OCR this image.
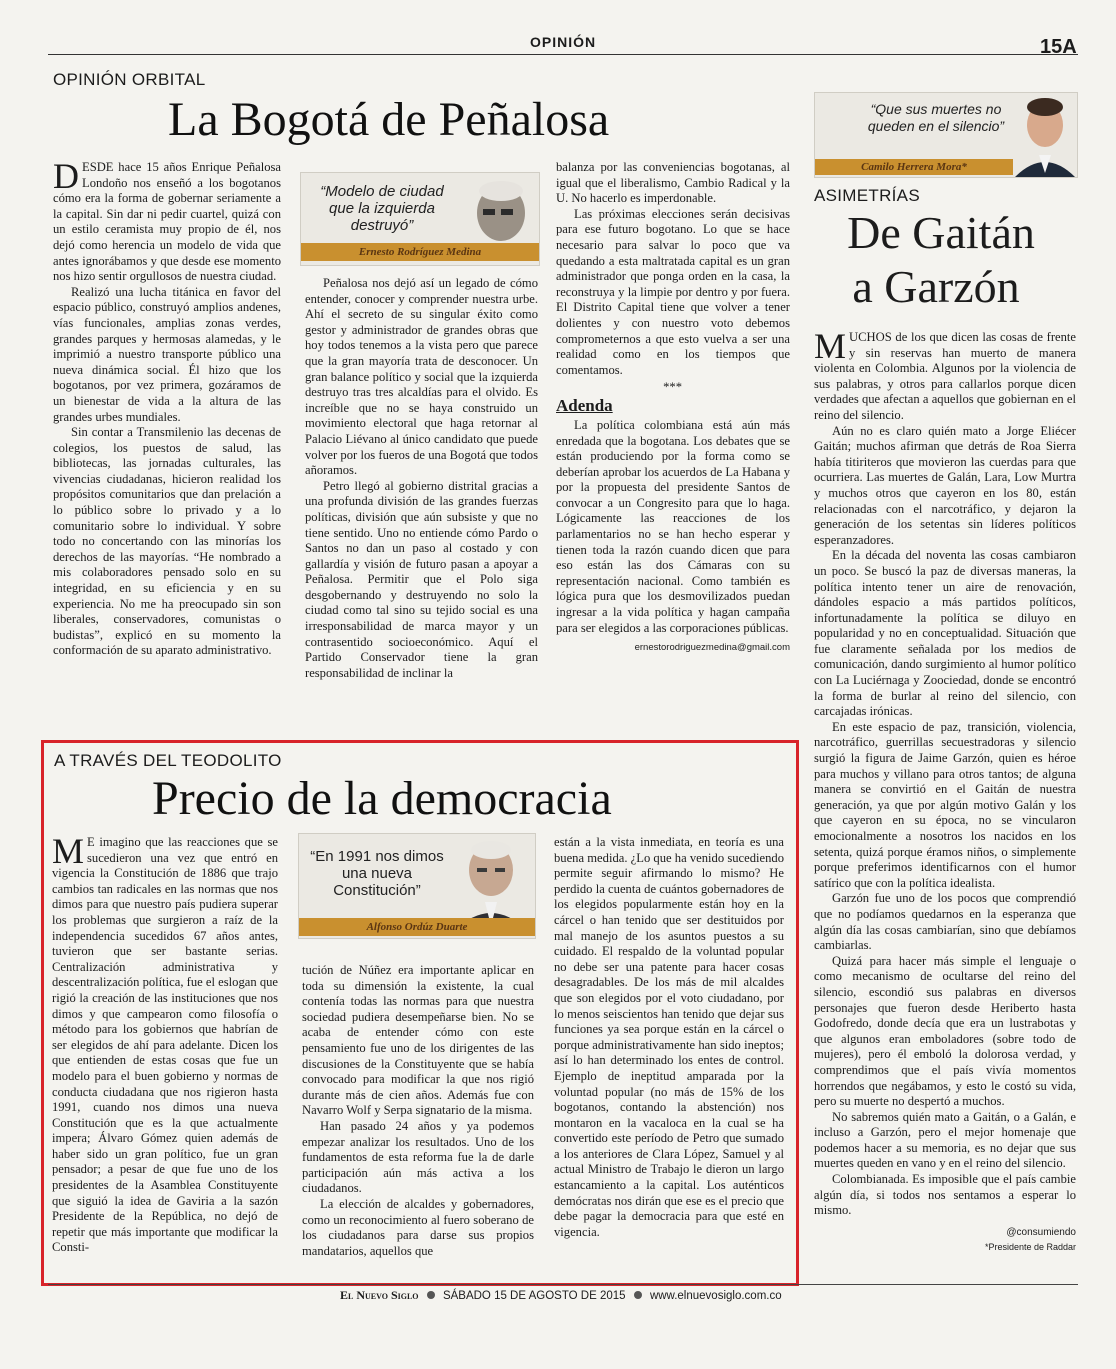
OPINIÓN	15A
OPINIÓN ORBITAL
La Bogotá de Peñalosa
D ESDE hace 15 años Enrique Peñalosa Londoño nos enseñó a los bogotanos cómo era la forma de gobernar seriamente a la capital. Sin dar ni pedir cuartel, quizá con un estilo ceramista muy propio de él, nos dejó como herencia un modelo de vida que antes ignorábamos y que desde ese momento nos hizo sentir orgullosos de nuestra ciudad.

Realizó una lucha titánica en favor del espacio público, construyó amplios andenes, vías funcionales, amplias zonas verdes, grandes parques y hermosas alamedas, y le imprimió a nuestro transporte público una nueva dinámica social. Él hizo que los bogotanos, por vez primera, gozáramos de un bienestar de vida a la altura de las grandes urbes mundiales.

Sin contar a Transmilenio las decenas de colegios, los puestos de salud, las bibliotecas, las jornadas culturales, las vivencias ciudadanas, hicieron realidad los propósitos comunitarios que dan prelación a lo público sobre lo privado y a lo comunitario sobre lo individual. Y sobre todo no concertando con las minorías los derechos de las mayorías. “He nombrado a mis colaboradores pensado solo en su integridad, en su eficiencia y en su experiencia. No me ha preocupado sin son liberales, conservadores, comunistas o budistas”, explicó en su momento la conformación de su aparato administrativo.

“Modelo de ciudad que la izquierda destruyó”
Ernesto Rodríguez Medina

Peñalosa nos dejó así un legado de cómo entender, conocer y comprender nuestra urbe. Ahí el secreto de su singular éxito como gestor y administrador de grandes obras que hoy todos tenemos a la vista pero que parece que la gran mayoría trata de desconocer. Un gran balance político y social que la izquierda destruyo tras tres alcaldías para el olvido. Es increíble que no se haya construido un movimiento electoral que haga retornar al Palacio Liévano al único candidato que puede volver por los fueros de una Bogotá que todos añoramos.

Petro llegó al gobierno distrital gracias a una profunda división de las grandes fuerzas políticas, división que aún subsiste y que no tiene sentido. Uno no entiende cómo Pardo o Santos no dan un paso al costado y con gallardía y visión de futuro pasan a apoyar a Peñalosa. Permitir que el Polo siga desgobernando y destruyendo no solo la ciudad como tal sino su tejido social es una irresponsabilidad de marca mayor y un contrasentido socioeconómico. Aquí el Partido Conservador tiene la gran responsabilidad de inclinar la

balanza por las conveniencias bogotanas, al igual que el liberalismo, Cambio Radical y la U. No hacerlo es imperdonable.

Las próximas elecciones serán decisivas para ese futuro bogotano. Lo que se hace necesario para salvar lo poco que va quedando a esta maltratada capital es un gran administrador que ponga orden en la casa, la reconstruya y la limpie por dentro y por fuera. El Distrito Capital tiene que volver a tener dolientes y con nuestro voto debemos comprometernos a que esto vuelva a ser una realidad como en los tiempos que comentamos.

***

Adenda

La política colombiana está aún más enredada que la bogotana. Los debates que se están produciendo por la forma como se deberían aprobar los acuerdos de La Habana y por la propuesta del presidente Santos de convocar a un Congresito para que lo haga. Lógicamente las reacciones de los parlamentarios no se han hecho esperar y tienen toda la razón cuando dicen que para eso están las dos Cámaras con su representación nacional. Como también es lógica pura que los desmovilizados puedan ingresar a la vida política y hagan campaña para ser elegidos a las corporaciones públicas.

ernestorodriguezmedina@gmail.com

A TRAVÉS DEL TEODOLITO
Precio de la democracia
M E imagino que las reacciones que se sucedieron una vez que entró en vigencia la Constitución de 1886 que trajo cambios tan radicales en las normas que nos dimos para que nuestro país pudiera superar los problemas que surgieron a raíz de la independencia sucedidos 67 años antes, tuvieron que ser bastante serias. Centralización administrativa y descentralización política, fue el eslogan que rigió la creación de las instituciones que nos dimos y que campearon como filosofía o método para los gobiernos que habrían de ser elegidos de ahí para adelante. Dicen los que entienden de estas cosas que fue un modelo para el buen gobierno y normas de conducta ciudadana que nos rigieron hasta 1991, cuando nos dimos una nueva Constitución que es la que actualmente impera; Álvaro Gómez quien además de haber sido un gran político, fue un gran pensador; a pesar de que fue uno de los presidentes de la Asamblea Constituyente que siguió la idea de Gaviria a la sazón Presidente de la República, no dejó de repetir que más importante que modificar la Consti-

“En 1991 nos dimos una nueva Constitución”
Alfonso Ordúz Duarte

tución de Núñez era importante aplicar en toda su dimensión la existente, la cual contenía todas las normas para que nuestra sociedad pudiera desempeñarse bien. No se acaba de entender cómo con este pensamiento fue uno de los dirigentes de las discusiones de la Constituyente que se había convocado para modificar la que nos rigió durante más de cien años. Además fue con Navarro Wolf y Serpa signatario de la misma.

Han pasado 24 años y ya podemos empezar analizar los resultados. Uno de los fundamentos de esta reforma fue la de darle participación aún más activa a los ciudadanos.

La elección de alcaldes y gobernadores, como un reconocimiento al fuero soberano de los ciudadanos para darse sus propios mandatarios, aquellos que

están a la vista inmediata, en teoría es una buena medida. ¿Lo que ha venido sucediendo permite seguir afirmando lo mismo? He perdido la cuenta de cuántos gobernadores de los elegidos popularmente están hoy en la cárcel o han tenido que ser destituidos por mal manejo de los asuntos puestos a su cuidado. El respaldo de la voluntad popular no debe ser una patente para hacer cosas desagradables. De los más de mil alcaldes que son elegidos por el voto ciudadano, por lo menos seiscientos han tenido que dejar sus funciones ya sea porque están en la cárcel o porque administrativamente han sido ineptos; así lo han determinado los entes de control. Ejemplo de ineptitud amparada por la voluntad popular (no más de 15% de los bogotanos, contando la abstención) nos montaron en la vacaloca en la cual se ha convertido este período de Petro que sumado a los anteriores de Clara López, Samuel y al actual Ministro de Trabajo le dieron un largo estancamiento a la capital. Los auténticos demócratas nos dirán que ese es el precio que debe pagar la democracia para que esté en vigencia.

“Que sus muertes no queden en el silencio”
Camilo Herrera Mora*
ASIMETRÍAS
De Gaitán
a Garzón
M UCHOS de los que dicen las cosas de frente y sin reservas han muerto de manera violenta en Colombia. Algunos por la violencia de sus palabras, y otros para callarlos porque dicen verdades que afectan a aquellos que gobiernan en el reino del silencio.

Aún no es claro quién mato a Jorge Eliécer Gaitán; muchos afirman que detrás de Roa Sierra había titiriteros que movieron las cuerdas para que ocurriera. Las muertes de Galán, Lara, Low Murtra y muchos otros que cayeron en los 80, están relacionadas con el narcotráfico, y dejaron la generación de los setentas sin líderes políticos esperanzadores.

En la década del noventa las cosas cambiaron un poco. Se buscó la paz de diversas maneras, la política intento tener un aire de renovación, dándoles espacio a más partidos políticos, infortunadamente la política se diluyo en popularidad y no en conceptualidad. Situación que fue claramente señalada por los medios de comunicación, dando surgimiento al humor político con La Luciérnaga y Zoociedad, donde se encontró la forma de burlar al reino del silencio, con carcajadas irónicas.

En este espacio de paz, transición, violencia, narcotráfico, guerrillas secuestradoras y silencio surgió la figura de Jaime Garzón, quien es héroe para muchos y villano para otros tantos; de alguna manera se convirtió en el Gaitán de nuestra generación, ya que por algún motivo Galán y los que cayeron en su época, no se vincularon emocionalmente a nosotros los nacidos en los setenta, quizá porque éramos niños, o simplemente porque preferimos identificarnos con el humor satírico que con la política idealista.

Garzón fue uno de los pocos que comprendió que no podíamos quedarnos en la esperanza que algún día las cosas cambiarían, sino que debíamos cambiarlas.

Quizá para hacer más simple el lenguaje o como mecanismo de ocultarse del reino del silencio, escondió sus palabras en diversos personajes que fueron desde Heriberto hasta Godofredo, donde decía que era un lustrabotas y que algunos eran emboladores (sobre todo de mujeres), pero él emboló la dolorosa verdad, y comprendimos que el país vivía momentos horrendos que negábamos, y esto le costó su vida, pero su muerte no despertó a muchos.

No sabremos quién mato a Gaitán, o a Galán, e incluso a Garzón, pero el mejor homenaje que podemos hacer a su memoria, es no dejar que sus muertes queden en vano y en el reino del silencio.

Colombianada. Es imposible que el país cambie algún día, si todos nos sentamos a esperar lo mismo.

@consumiendo

*Presidente de Raddar

El Nuevo Siglo SÁBADO 15 DE AGOSTO DE 2015 www.elnuevosiglo.com.co
